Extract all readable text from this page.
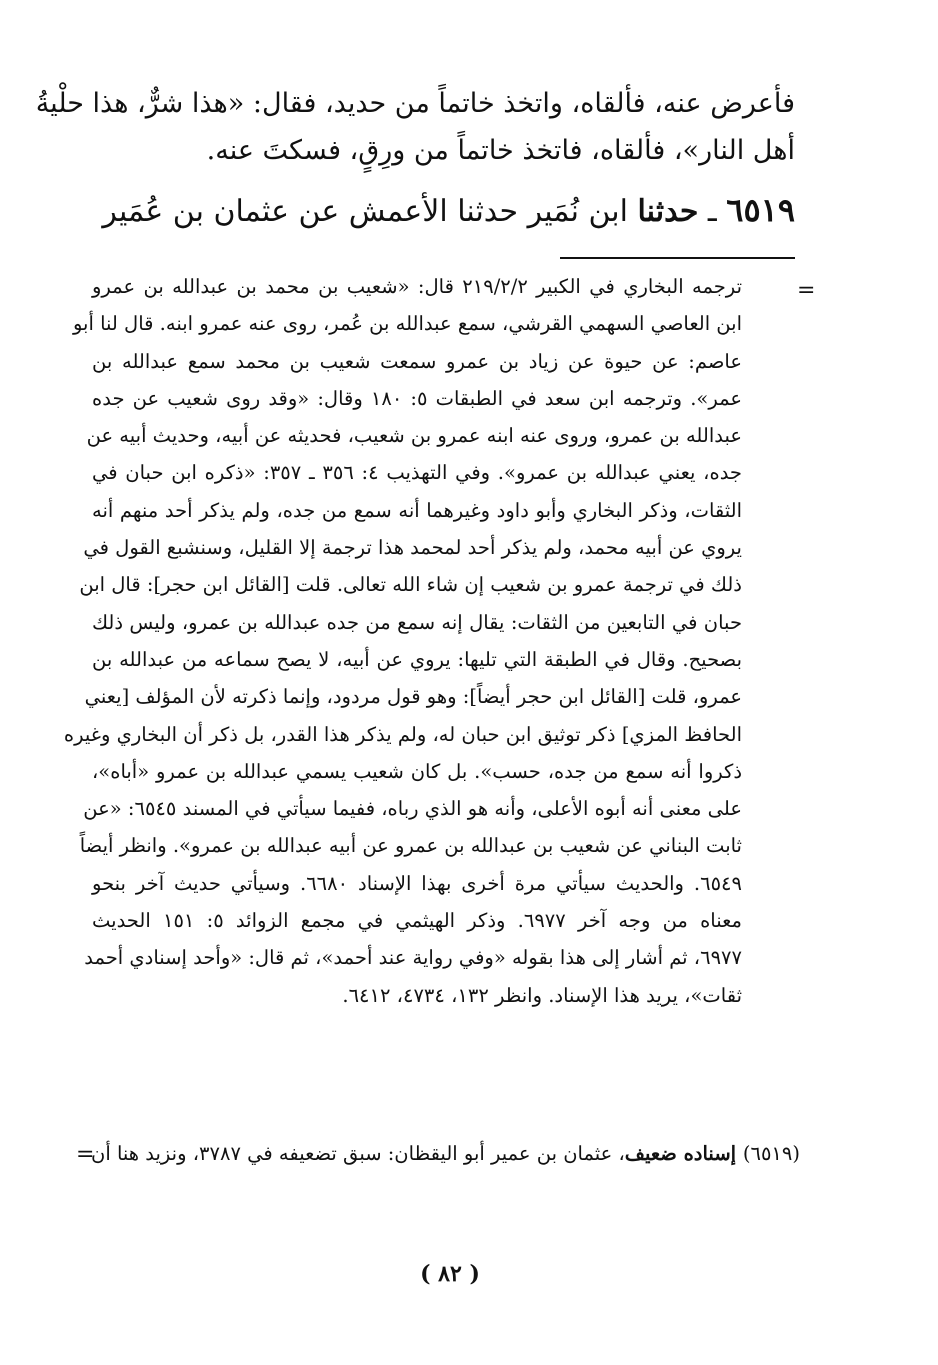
فأعرض عنه، فألقاه، واتخذ خاتماً من حديد، فقال: «هذا شرٌّ، هذا حلْيةُ
أهل النار»، فألقاه، فاتخذ خاتماً من ورِقٍ، فسكتَ عنه.
٦٥١٩ ـ حدثنا ابن نُمَير حدثنا الأعمش عن عثمان بن عُمَير
=
ترجمه البخاري في الكبير ٢١٩/٢/٢ قال: «شعيب بن محمد بن عبدالله بن عمرو
ابن العاصي السهمي القرشي، سمع عبدالله بن عُمر، روى عنه عمرو ابنه. قال لنا أبو
عاصم: عن حيوة عن زياد بن عمرو سمعت شعيب بن محمد سمع عبدالله بن
عمر». وترجمه ابن سعد في الطبقات ٥: ١٨٠ وقال: «وقد روى شعيب عن جده
عبدالله بن عمرو، وروى عنه ابنه عمرو بن شعيب، فحديثه عن أبيه، وحديث أبيه عن
جده، يعني عبدالله بن عمرو». وفي التهذيب ٤: ٣٥٦ ـ ٣٥٧: «ذكره ابن حبان في
الثقات، وذكر البخاري وأبو داود وغيرهما أنه سمع من جده، ولم يذكر أحد منهم أنه
يروي عن أبيه محمد، ولم يذكر أحد لمحمد هذا ترجمة إلا القليل، وسنشبع القول في
ذلك في ترجمة عمرو بن شعيب إن شاء الله تعالى. قلت [القائل ابن حجر]: قال ابن
حبان في التابعين من الثقات: يقال إنه سمع من جده عبدالله بن عمرو، وليس ذلك
بصحيح. وقال في الطبقة التي تليها: يروي عن أبيه، لا يصح سماعه من عبدالله بن
عمرو، قلت [القائل ابن حجر أيضاً]: وهو قول مردود، وإنما ذكرته لأن المؤلف [يعني
الحافظ المزي] ذكر توثيق ابن حبان له، ولم يذكر هذا القدر، بل ذكر أن البخاري وغيره
ذكروا أنه سمع من جده، حسب». بل كان شعيب يسمي عبدالله بن عمرو «أباه»،
على معنى أنه أبوه الأعلى، وأنه هو الذي رباه، ففيما سيأتي في المسند ٦٥٤٥: «عن
ثابت البناني عن شعيب بن عبدالله بن عمرو عن أبيه عبدالله بن عمرو». وانظر أيضاً
٦٥٤٩. والحديث سيأتي مرة أخرى بهذا الإسناد ٦٦٨٠. وسيأتي حديث آخر بنحو
معناه من وجه آخر ٦٩٧٧. وذكر الهيثمي في مجمع الزوائد ٥: ١٥١ الحديث
٦٩٧٧، ثم أشار إلى هذا بقوله «وفي رواية عند أحمد»، ثم قال: «وأحد إسنادي أحمد
ثقات»، يريد هذا الإسناد. وانظر ١٣٢، ٤٧٣٤، ٦٤١٢.
(٦٥١٩) إسناده ضعيف، عثمان بن عمير أبو اليقظان: سبق تضعيفه في ٣٧٨٧، ونزيد هنا أن
=
( ٨٢ )
